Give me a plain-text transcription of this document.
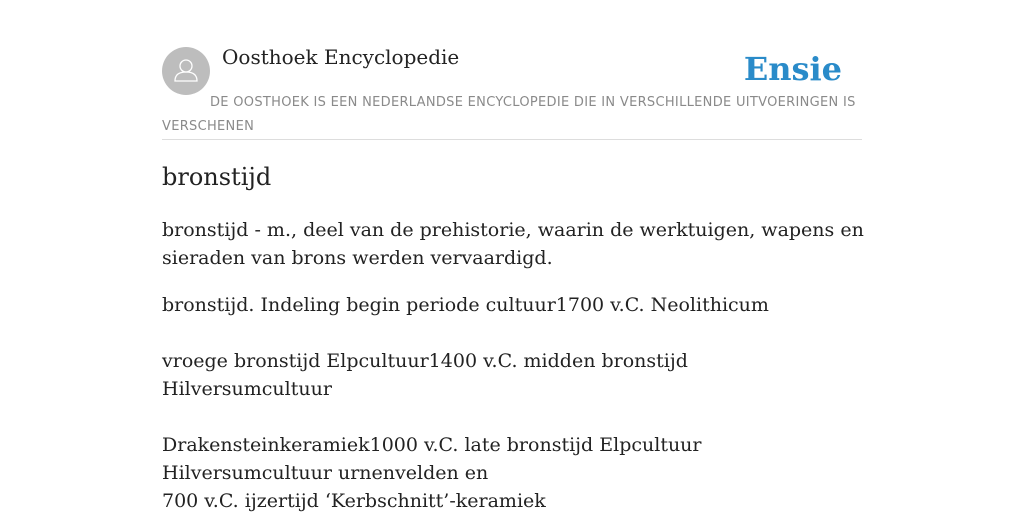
Oosthoek Encyclopedie	Ensie
DE OOSTHOEK IS EEN NEDERLANDSE ENCYCLOPEDIE DIE IN VERSCHILLENDE UITVOERINGEN IS VERSCHENEN
bronstijd

bronstijd - m., deel van de prehistorie, waarin de werktuigen, wapens en sieraden van brons werden vervaardigd.

bronstijd. Indeling begin periode cultuur1700 v.C. Neolithicum
vroege bronstijd Elpcultuur1400 v.C. midden bronstijd Hilversumcultuur
Drakensteinkeramiek1000 v.C. late bronstijd Elpcultuur Hilversumcultuur urnenvelden en
700 v.C. ijzertijd ‘Kerbschnitt’-keramiek
